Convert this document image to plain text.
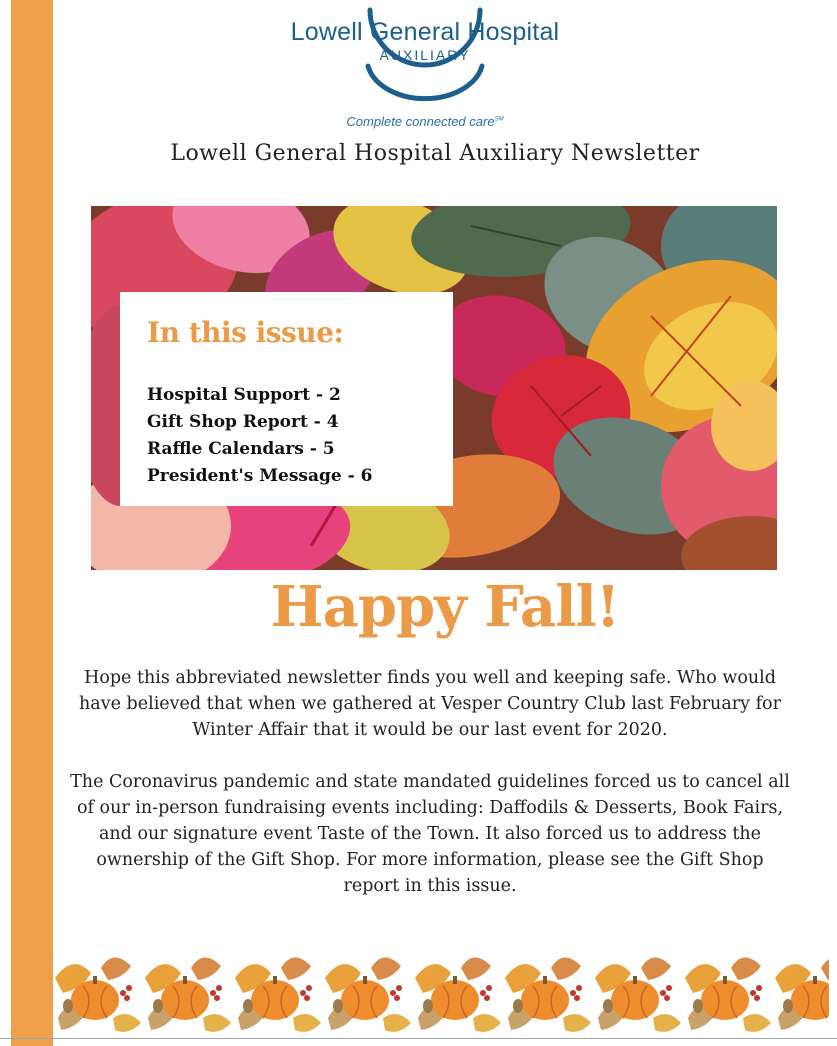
Lowell General Hospital
AUXILIARY
Complete connected care℠
Lowell General Hospital Auxiliary Newsletter
In this issue:
Hospital Support - 2
Gift Shop Report - 4
Raffle Calendars - 5
President's Message - 6
Happy Fall!
Hope this abbreviated newsletter finds you well and keeping safe. Who would have believed that when we gathered at Vesper Country Club last February for Winter Affair that it would be our last event for 2020.
The Coronavirus pandemic and state mandated guidelines forced us to cancel all of our in-person fundraising events including: Daffodils & Desserts, Book Fairs, and our signature event Taste of the Town. It also forced us to address the ownership of the Gift Shop. For more information, please see the Gift Shop report in this issue.
